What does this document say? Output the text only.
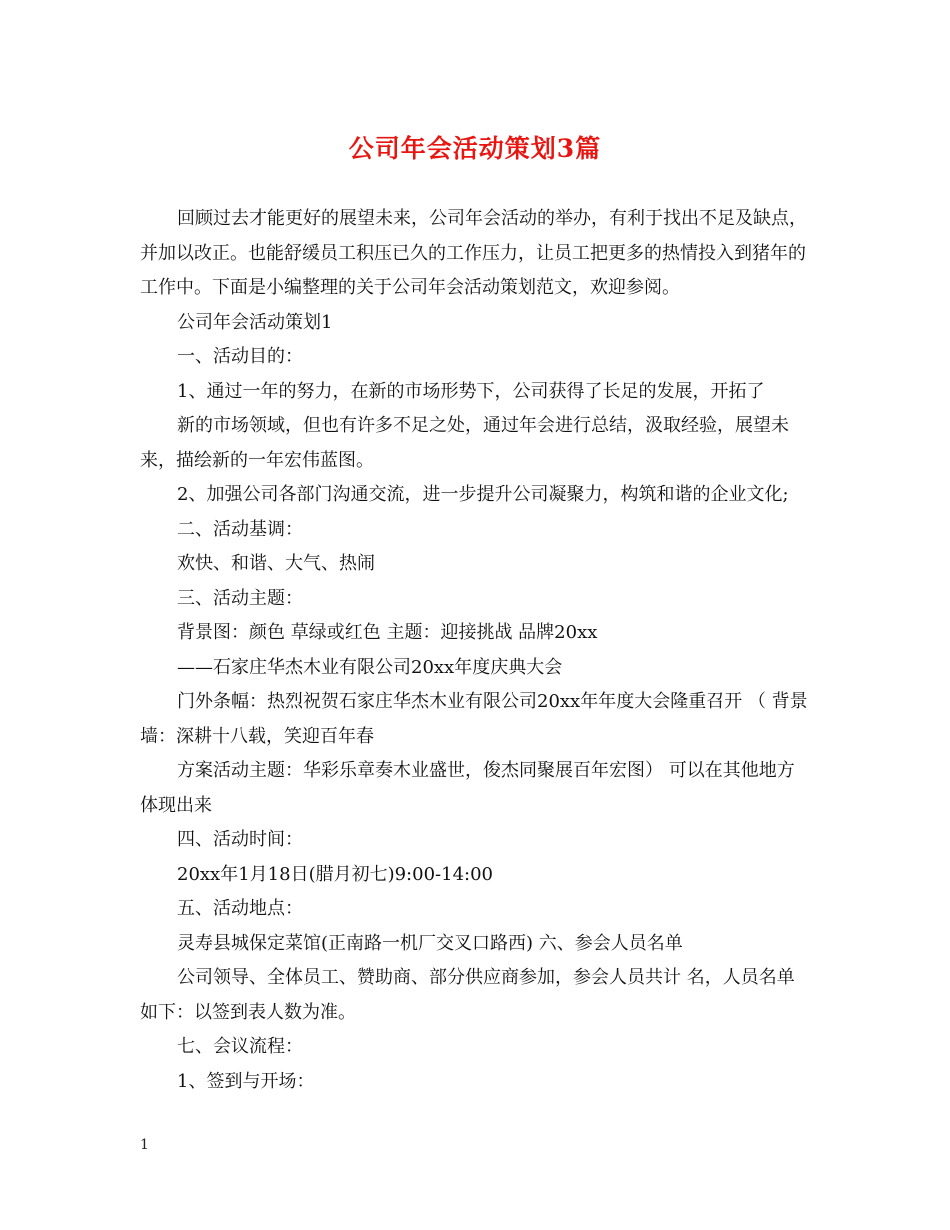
公司年会活动策划3篇

回顾过去才能更好的展望未来，公司年会活动的举办，有利于找出不足及缺点，并加以改正。也能舒缓员工积压已久的工作压力，让员工把更多的热情投入到猪年的工作中。下面是小编整理的关于公司年会活动策划范文，欢迎参阅。

公司年会活动策划1

一、活动目的：

1、通过一年的努力，在新的市场形势下，公司获得了长足的发展，开拓了

新的市场领域，但也有许多不足之处，通过年会进行总结，汲取经验，展望未来，描绘新的一年宏伟蓝图。

2、加强公司各部门沟通交流，进一步提升公司凝聚力，构筑和谐的企业文化;

二、活动基调：

欢快、和谐、大气、热闹

三、活动主题：

背景图：颜色 草绿或红色 主题：迎接挑战 品牌20xx

——石家庄华杰木业有限公司20xx年度庆典大会

门外条幅：热烈祝贺石家庄华杰木业有限公司20xx年年度大会隆重召开 （ 背景墙：深耕十八载，笑迎百年春

方案活动主题：华彩乐章奏木业盛世，俊杰同聚展百年宏图） 可以在其他地方体现出来

四、活动时间：

20xx年1月18日(腊月初七)9:00-14:00

五、活动地点：

灵寿县城保定菜馆(正南路一机厂交叉口路西) 六、参会人员名单

公司领导、全体员工、赞助商、部分供应商参加，参会人员共计 名，人员名单如下：以签到表人数为准。

七、会议流程：

1、签到与开场：

1
